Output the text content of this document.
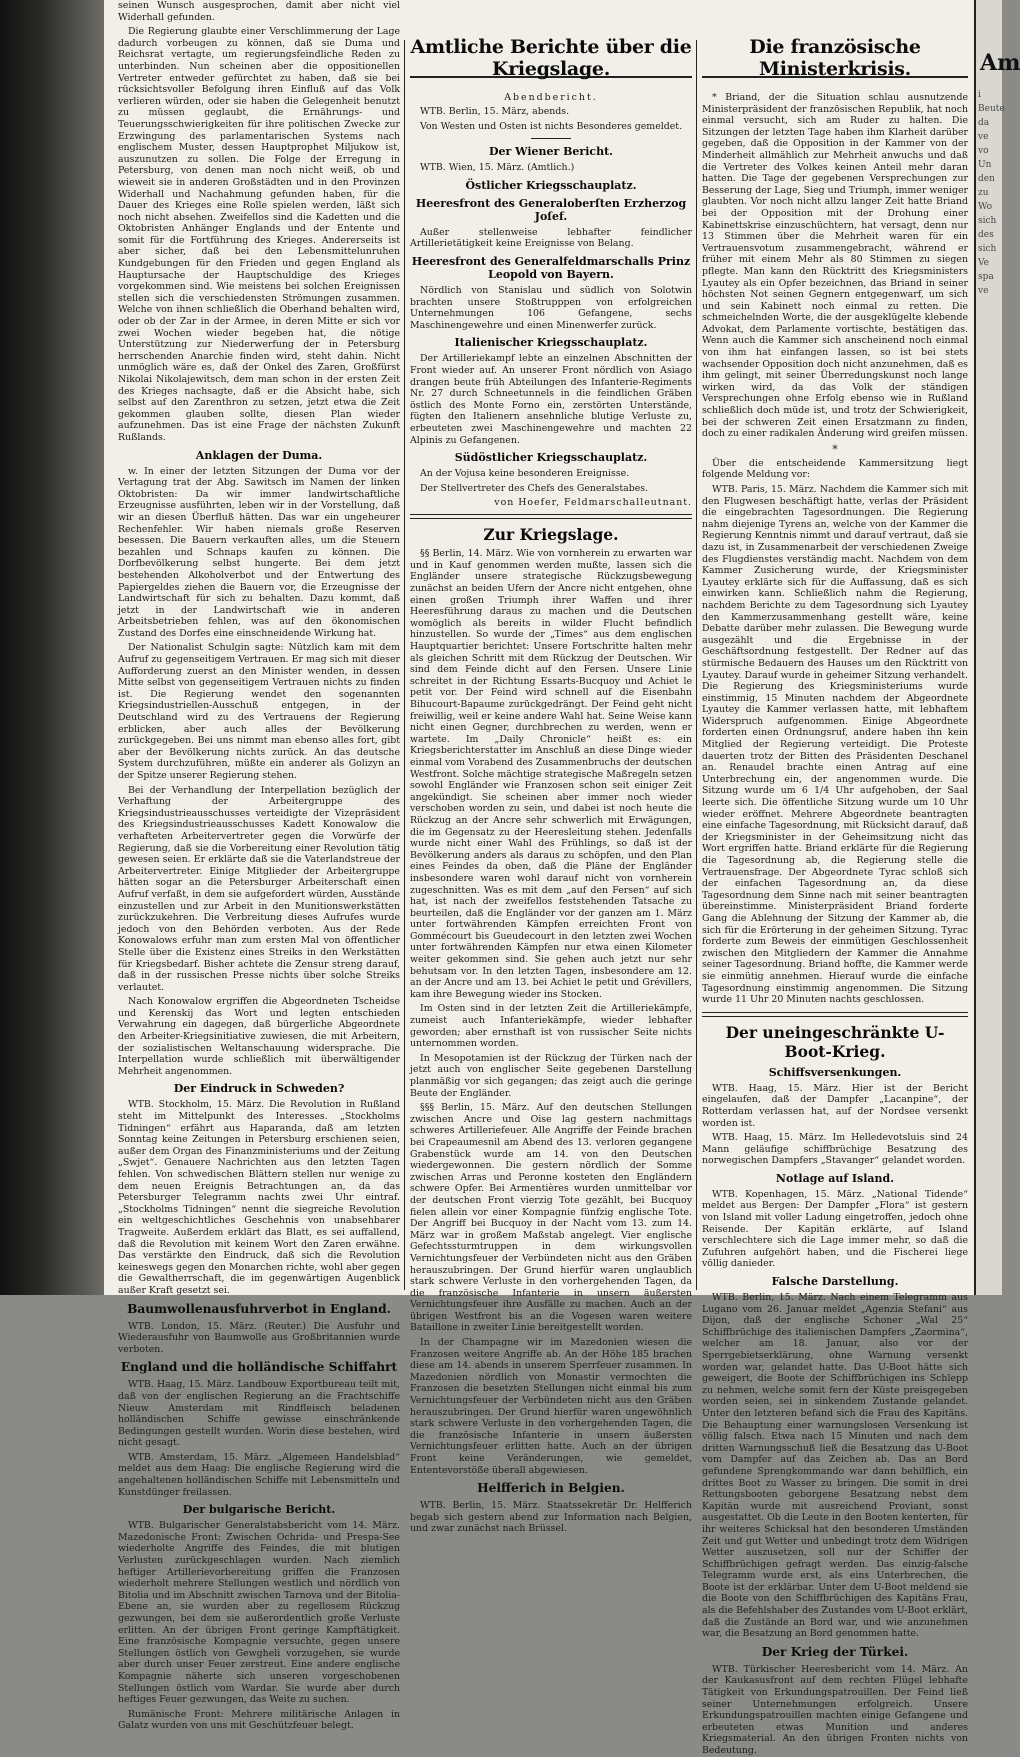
seinen Wunsch ausgesprochen, damit aber nicht viel Widerhall gefunden.

Die Regierung glaubte einer Verschlimmerung der Lage dadurch vorbeugen zu können, daß sie Duma und Reichsrat vertagte, um regierungsfeindliche Reden zu unterbinden. Nun scheinen aber die oppositionellen Vertreter entweder gefürchtet zu haben, daß sie bei rücksichtsvoller Befolgung ihren Einfluß auf das Volk verlieren würden, oder sie haben die Gelegenheit benutzt zu müssen geglaubt, die Ernährungs- und Teuerungsschwierigkeiten für ihre politischen Zwecke zur Erzwingung des parlamentarischen Systems nach englischem Muster, dessen Hauptprophet Miljukow ist, auszunutzen zu sollen. Die Folge der Erregung in Petersburg, von denen man noch nicht weiß, ob und wieweit sie in anderen Großstädten und in den Provinzen Widerhall und Nachahmung gefunden haben, für die Dauer des Krieges eine Rolle spielen werden, läßt sich noch nicht absehen. Zweifellos sind die Kadetten und die Oktobristen Anhänger Englands und der Entente und somit für die Fortführung des Krieges. Andererseits ist aber sicher, daß bei den Lebensmittelunruhen Kundgebungen für den Frieden und gegen England als Hauptursache der Hauptschuldige des Krieges vorgekommen sind. Wie meistens bei solchen Ereignissen stellen sich die verschiedensten Strömungen zusammen. Welche von ihnen schließlich die Oberhand behalten wird, oder ob der Zar in der Armee, in deren Mitte er sich vor zwei Wochen wieder begeben hat, die nötige Unterstützung zur Niederwerfung der in Petersburg herrschenden Anarchie finden wird, steht dahin. Nicht unmöglich wäre es, daß der Onkel des Zaren, Großfürst Nikolai Nikolajewitsch, dem man schon in der ersten Zeit des Krieges nachsagte, daß er die Absicht habe, sich selbst auf den Zarenthron zu setzen, jetzt etwa die Zeit gekommen glauben sollte, diesen Plan wieder aufzunehmen. Das ist eine Frage der nächsten Zukunft Rußlands.

Anklagen der Duma.

w. In einer der letzten Sitzungen der Duma vor der Vertagung trat der Abg. Sawitsch im Namen der linken Oktobristen: Da wir immer landwirtschaftliche Erzeugnisse ausführten, leben wir in der Vorstellung, daß wir an diesen Überfluß hätten. Das war ein ungeheurer Rechenfehler. Wir haben niemals große Reserven besessen. Die Bauern verkauften alles, um die Steuern bezahlen und Schnaps kaufen zu können. Die Dorfbevölkerung selbst hungerte. Bei dem jetzt bestehenden Alkoholverbot und der Entwertung des Papiergeldes ziehen die Bauern vor, die Erzeugnisse der Landwirtschaft für sich zu behalten. Dazu kommt, daß jetzt in der Landwirtschaft wie in anderen Arbeitsbetrieben fehlen, was auf den ökonomischen Zustand des Dorfes eine einschneidende Wirkung hat.

Der Nationalist Schulgin sagte: Nützlich kam mit dem Aufruf zu gegenseitigem Vertrauen. Er mag sich mit dieser Aufforderung zuerst an den Minister wenden, in dessen Mitte selbst von gegenseitigem Vertrauen nichts zu finden ist. Die Regierung wendet den sogenannten Kriegsindustriellen-Ausschuß entgegen, in der Deutschland wird zu des Vertrauens der Regierung erblicken, aber auch alles der Bevölkerung zurückgegeben. Bei uns nimmt man ebenso alles fort, gibt aber der Bevölkerung nichts zurück. An das deutsche System durchzuführen, müßte ein anderer als Golizyn an der Spitze unserer Regierung stehen.

Bei der Verhandlung der Interpellation bezüglich der Verhaftung der Arbeitergruppe des Kriegsindustrieausschusses verteidigte der Vizepräsident des Kriegsindustrieausschusses Kadett Konowalow die verhafteten Arbeitervertreter gegen die Vorwürfe der Regierung, daß sie die Vorbereitung einer Revolution tätig gewesen seien. Er erklärte daß sie die Vaterlandstreue der Arbeitervertreter. Einige Mitglieder der Arbeitergruppe hätten sogar an die Petersburger Arbeiterschaft einen Aufruf verfaßt, in dem sie aufgefordert würden, Ausstände einzustellen und zur Arbeit in den Munitionswerkstätten zurückzukehren. Die Verbreitung dieses Aufrufes wurde jedoch von den Behörden verboten. Aus der Rede Konowalows erfuhr man zum ersten Mal von öffentlicher Stelle über die Existenz eines Streiks in den Werkstätten für Kriegsbedarf. Bisher achtete die Zensur streng darauf, daß in der russischen Presse nichts über solche Streiks verlautet.

Nach Konowalow ergriffen die Abgeordneten Tscheidse und Kerenskij das Wort und legten entschieden Verwahrung ein dagegen, daß bürgerliche Abgeordnete den Arbeiter-Kriegsinitiative zuwiesen, die mit Arbeitern, der sozialistischen Weltanschauung widersprache. Die Interpellation wurde schließlich mit überwältigender Mehrheit angenommen.

Der Eindruck in Schweden?

WTB. Stockholm, 15. März. Die Revolution in Rußland steht im Mittelpunkt des Interesses. „Stockholms Tidningen“ erfährt aus Haparanda, daß am letzten Sonntag keine Zeitungen in Petersburg erschienen seien, außer dem Organ des Finanzministeriums und der Zeitung „Swjet“. Genauere Nachrichten aus den letzten Tagen fehlen. Von schwedischen Blättern stellen nur wenige zu dem neuen Ereignis Betrachtungen an, da das Petersburger Telegramm nachts zwei Uhr eintraf. „Stockholms Tidningen“ nennt die siegreiche Revolution ein weltgeschichtliches Geschehnis von unabsehbarer Tragweite. Außerdem erklärt das Blatt, es sei auffallend, daß die Revolution mit keinem Wort den Zaren erwähne. Das verstärkte den Eindruck, daß sich die Revolution keineswegs gegen den Monarchen richte, wohl aber gegen die Gewaltherrschaft, die im gegenwärtigen Augenblick außer Kraft gesetzt sei.

Baumwollenausfuhrverbot in England.

WTB. London, 15. März. (Reuter.) Die Ausfuhr und Wiederausfuhr von Baumwolle aus Großbritannien wurde verboten.

England und die holländische Schiffahrt

WTB. Haag, 15. März. Landbouw Exportbureau teilt mit, daß von der englischen Regierung an die Frachtschiffe Nieuw Amsterdam mit Rindfleisch beladenen holländischen Schiffe gewisse einschränkende Bedingungen gestellt wurden. Worin diese bestehen, wird nicht gesagt.

WTB. Amsterdam, 15. März. „Algemeen Handelsblad“ meldet aus dem Haag: Die englische Regierung wird die angehaltenen holländischen Schiffe mit Lebensmitteln und Kunstdünger freilassen.

Der bulgarische Bericht.

WTB. Bulgarischer Generalstabsbericht vom 14. März. Mazedonische Front: Zwischen Ochrida- und Prespa-See wiederholte Angriffe des Feindes, die mit blutigen Verlusten zurückgeschlagen wurden. Nach ziemlich heftiger Artillerievorbereitung griffen die Franzosen wiederholt mehrere Stellungen westlich und nördlich von Bitolia und im Abschnitt zwischen Tarnova und der Bitolia-Ebene an, sie wurden aber zu regellosem Rückzug gezwungen, bei dem sie außerordentlich große Verluste erlitten. An der übrigen Front geringe Kampftätigkeit. Eine französische Kompagnie versuchte, gegen unsere Stellungen östlich von Gewgheli vorzugehen, sie wurde aber durch unser Feuer zerstreut. Eine andere englische Kompagnie näherte sich unseren vorgeschobenen Stellungen östlich vom Wardar. Sie wurde aber durch heftiges Feuer gezwungen, das Weite zu suchen.

Rumänische Front: Mehrere militärische Anlagen in Galatz wurden von uns mit Geschützfeuer belegt.

Amtliche Berichte über die Kriegslage.
Abendbericht.

WTB. Berlin, 15. März, abends.

Von Westen und Osten ist nichts Besonderes gemeldet.

Der Wiener Bericht.

WTB. Wien, 15. März. (Amtlich.)

Östlicher Kriegsschauplatz.
Heeresfront des Generaloberſten Erzherzog Joſef.

Außer stellenweise lebhafter feindlicher Artillerietätigkeit keine Ereignisse von Belang.

Heeresfront des Generalfeldmarschalls Prinz Leopold von Bayern.

Nördlich von Stanislau und südlich von Solotwin brachten unsere Stoßtrupppen von erfolgreichen Unternehmungen 106 Gefangene, sechs Maschinengewehre und einen Minenwerfer zurück.

Italienischer Kriegsschauplatz.

Der Artilleriekampf lebte an einzelnen Abschnitten der Front wieder auf. An unserer Front nördlich von Asiago drangen beute früh Abteilungen des Infanterie-Regiments Nr. 27 durch Schneetunnels in die feindlichen Gräben östlich des Monte Forno ein, zerstörten Unterstände, fügten den Italienern ansehnliche blutige Verluste zu, erbeuteten zwei Maschinengewehre und machten 22 Alpinis zu Gefangenen.

Südöstlicher Kriegsschauplatz.

An der Vojusa keine besonderen Ereignisse.

Der Stellvertreter des Chefs des Generalstabes.

von Hoefer, Feldmarschalleutnant.
Zur Kriegslage.

§§ Berlin, 14. März. Wie von vornherein zu erwarten war und in Kauf genommen werden mußte, lassen sich die Engländer unsere strategische Rückzugsbewegung zunächst an beiden Ufern der Ancre nicht entgehen, ohne einen großen Triumph ihrer Waffen und ihrer Heeresführung daraus zu machen und die Deutschen womöglich als bereits in wilder Flucht befindlich hinzustellen. So wurde der „Times“ aus dem englischen Hauptquartier berichtet: Unsere Fortschritte halten mehr als gleichen Schritt mit dem Rückzug der Deutschen. Wir sind dem Feinde dicht auf den Fersen. Unsere Linie schreitet in der Richtung Essarts-Bucquoy und Achiet le petit vor. Der Feind wird schnell auf die Eisenbahn Bihucourt-Bapaume zurückgedrängt. Der Feind geht nicht freiwillig, weil er keine andere Wahl hat. Seine Weise kann nicht einen Gegner, durchbrechen zu werden, wenn er wartete. Im „Daily Chronicle“ heißt es: ein Kriegsberichterstatter im Anschluß an diese Dinge wieder einmal vom Vorabend des Zusammenbruchs der deutschen Westfront. Solche mächtige strategische Maßregeln setzen sowohl Engländer wie Franzosen schon seit einiger Zeit angekündigt. Sie scheinen aber immer noch wieder verschoben worden zu sein, und dabei ist noch heute die Rückzug an der Ancre sehr schwerlich mit Erwägungen, die im Gegensatz zu der Heeresleitung stehen. Jedenfalls wurde nicht einer Wahl des Frühlings, so daß ist der Bevölkerung anders als daraus zu schöpfen, und den Plan eines Feindes da oben, daß die Pläne der Engländer insbesondere waren wohl darauf nicht von vornherein zugeschnitten. Was es mit dem „auf den Fersen“ auf sich hat, ist nach der zweifellos feststehenden Tatsache zu beurteilen, daß die Engländer vor der ganzen am 1. März unter fortwährenden Kämpfen erreichten Front von Gommécourt bis Gueudecourt in den letzten zwei Wochen unter fortwährenden Kämpfen nur etwa einen Kilometer weiter gekommen sind. Sie gehen auch jetzt nur sehr behutsam vor. In den letzten Tagen, insbesondere am 12. an der Ancre und am 13. bei Achiet le petit und Grévillers, kam ihre Bewegung wieder ins Stocken.

Im Osten sind in der letzten Zeit die Artilleriekämpfe, zumeist auch Infanteriekämpfe, wieder lebhafter geworden; aber ernsthaft ist von russischer Seite nichts unternommen worden.

In Mesopotamien ist der Rückzug der Türken nach der jetzt auch von englischer Seite gegebenen Darstellung planmäßig vor sich gegangen; das zeigt auch die geringe Beute der Engländer.

§§§ Berlin, 15. März. Auf den deutschen Stellungen zwischen Ancre und Oise lag gestern nachmittags schweres Artilleriefeuer. Alle Angriffe der Feinde brachen bei Crapeaumesnil am Abend des 13. verloren gegangene Grabenstück wurde am 14. von den Deutschen wiedergewonnen. Die gestern nördlich der Somme zwischen Arras und Peronne kosteten den Engländern schwere Opfer. Bei Armentières wurden unmittelbar vor der deutschen Front vierzig Tote gezählt, bei Bucquoy fielen allein vor einer Kompagnie fünfzig englische Tote. Der Angriff bei Bucquoy in der Nacht vom 13. zum 14. März war in großem Maßstab angelegt. Vier englische Gefechtssturmtruppen in dem wirkungsvollen Vernichtungsfeuer der Verbündeten nicht aus den Gräben herauszubringen. Der Grund hierfür waren unglaublich stark schwere Verluste in den vorhergehenden Tagen, da die französische Infanterie in unsern äußersten Vernichtungsfeuer ihre Ausfälle zu machen. Auch an der übrigen Westfront bis an die Vogesen waren weitere Bataillone in zweiter Linie bereitgestellt worden.

In der Champagne wir im Mazedonien wiesen die Franzosen weitere Angriffe ab. An der Höhe 185 brachen diese am 14. abends in unserem Sperrfeuer zusammen. In Mazedonien nördlich von Monastir vermochten die Franzosen die besetzten Stellungen nicht einmal bis zum Vernichtungsfeuer der Verbündeten nicht aus den Gräben herauszubringen. Der Grund hierfür waren ungewöhnlich stark schwere Verluste in den vorhergehenden Tagen, die die französische Infanterie in unsern äußersten Vernichtungsfeuer erlitten hatte. Auch an der übrigen Front keine Veränderungen, wie gemeldet, Ententevorstöße überall abgewiesen.

Helfferich in Belgien.

WTB. Berlin, 15. März. Staatssekretär Dr. Helfferich begab sich gestern abend zur Information nach Belgien, und zwar zunächst nach Brüssel.

Die französische Ministerkrisis.

* Briand, der die Situation schlau ausnutzende Ministerpräsident der französischen Republik, hat noch einmal versucht, sich am Ruder zu halten. Die Sitzungen der letzten Tage haben ihm Klarheit darüber gegeben, daß die Opposition in der Kammer von der Minderheit allmählich zur Mehrheit anwuchs und daß die Vertreter des Volkes keinen Anteil mehr daran hatten. Die Tage der gegebenen Versprechungen zur Besserung der Lage, Sieg und Triumph, immer weniger glaubten. Vor noch nicht allzu langer Zeit hatte Briand bei der Opposition mit der Drohung einer Kabinettskrise einzuschüchtern, hat versagt, denn nur 13 Stimmen über die Mehrheit waren für ein Vertrauensvotum zusammengebracht, während er früher mit einem Mehr als 80 Stimmen zu siegen pflegte. Man kann den Rücktritt des Kriegsministers Lyautey als ein Opfer bezeichnen, das Briand in seiner höchsten Not seinen Gegnern entgegenwarf, um sich und sein Kabinett noch einmal zu retten. Die schmeichelnden Worte, die der ausgeklügelte klebende Advokat, dem Parlamente vortischte, bestätigen das. Wenn auch die Kammer sich anscheinend noch einmal von ihm hat einfangen lassen, so ist bei stets wachsender Opposition doch nicht anzunehmen, daß es ihm gelingt, mit seiner Überredungskunst noch lange wirken wird, da das Volk der ständigen Versprechungen ohne Erfolg ebenso wie in Rußland schließlich doch müde ist, und trotz der Schwierigkeit, bei der schweren Zeit einen Ersatzmann zu finden, doch zu einer radikalen Änderung wird greifen müssen.

*

Über die entscheidende Kammersitzung liegt folgende Meldung vor:

WTB. Paris, 15. März. Nachdem die Kammer sich mit den Flugwesen beschäftigt hatte, verlas der Präsident die eingebrachten Tagesordnungen. Die Regierung nahm diejenige Tyrens an, welche von der Kammer die Regierung Kenntnis nimmt und darauf vertraut, daß sie dazu ist, in Zusammenarbeit der verschiedenen Zweige des Flugdienstes verständig macht. Nachdem von dem Kammer Zusicherung wurde, der Kriegsminister Lyautey erklärte sich für die Auffassung, daß es sich einwirken kann. Schließlich nahm die Regierung, nachdem Berichte zu dem Tagesordnung sich Lyautey den Kammerzusammenhang gestellt wäre, keine Debatte darüber mehr zulassen. Die Bewegung wurde ausgezählt und die Ergebnisse in der Geschäftsordnung festgestellt. Der Redner auf das stürmische Bedauern des Hauses um den Rücktritt von Lyautey. Darauf wurde in geheimer Sitzung verhandelt. Die Regierung des Kriegsministeriums wurde einstimmig, 15 Minuten nachdem der Abgeordnete Lyautey die Kammer verlassen hatte, mit lebhaftem Widerspruch aufgenommen. Einige Abgeordnete forderten einen Ordnungsruf, andere haben ihn kein Mitglied der Regierung verteidigt. Die Proteste dauerten trotz der Bitten des Präsidenten Deschanel an. Renaudel brachte einen Antrag auf eine Unterbrechung ein, der angenommen wurde. Die Sitzung wurde um 6 1/4 Uhr aufgehoben, der Saal leerte sich. Die öffentliche Sitzung wurde um 10 Uhr wieder eröffnet. Mehrere Abgeordnete beantragten eine einfache Tagesordnung, mit Rücksicht darauf, daß der Kriegsminister in der Geheimsitzung nicht das Wort ergriffen hatte. Briand erklärte für die Regierung die Tagesordnung ab, die Regierung stelle die Vertrauensfrage. Der Abgeordnete Tyrac schloß sich der einfachen Tagesordnung an, da diese Tagesordnung dem Sinne nach mit seiner beantragten übereinstimme. Ministerpräsident Briand forderte Gang die Ablehnung der Sitzung der Kammer ab, die sich für die Erörterung in der geheimen Sitzung. Tyrac forderte zum Beweis der einmütigen Geschlossenheit zwischen den Mitgliedern der Kammer die Annahme seiner Tagesordnung. Briand hoffte, die Kammer werde sie einmütig annehmen. Hierauf wurde die einfache Tagesordnung einstimmig angenommen. Die Sitzung wurde 11 Uhr 20 Minuten nachts geschlossen.

Der uneingeschränkte U-Boot-Krieg.
Schiffsversenkungen.

WTB. Haag, 15. März. Hier ist der Bericht eingelaufen, daß der Dampfer „Lacanpine“, der Rotterdam verlassen hat, auf der Nordsee versenkt worden ist.

WTB. Haag, 15. März. Im Helledevotsluis sind 24 Mann geläufige schiffbrüchige Besatzung des norwegischen Dampfers „Stavanger“ gelandet worden.

Notlage auf Island.

WTB. Kopenhagen, 15. März. „National Tidende“ meldet aus Bergen: Der Dampfer „Flora“ ist gestern von Island mit voller Ladung eingetroffen, jedoch ohne Reisende. Der Kapitän erklärte, auf Island verschlechtere sich die Lage immer mehr, so daß die Zufuhren aufgehört haben, und die Fischerei liege völlig danieder.

Falsche Darstellung.

WTB. Berlin, 15. März. Nach einem Telegramm aus Lugano vom 26. Januar meldet „Agenzia Stefani“ aus Dijon, daß der englische Schoner „Wal 25“ Schiffbrüchige des italienischen Dampfers „Zaormina“, welcher am 18. Januar, also vor der Sperrgebietserklärung, ohne Warnung versenkt worden war, gelandet hatte. Das U-Boot hätte sich geweigert, die Boote der Schiffbrüchigen ins Schlepp zu nehmen, welche somit fern der Küste preisgegeben worden seien, sei in sinkendem Zustande gelandet. Unter den letzteren befand sich die Frau des Kapitäns. Die Behauptung einer warnungslosen Versenkung ist völlig falsch. Etwa nach 15 Minuten und nach dem dritten Warnungsschuß ließ die Besatzung das U-Boot vom Dampfer auf das Zeichen ab. Das an Bord gefundene Sprengkommando war dann behilflich, ein drittes Boot zu Wasser zu bringen. Die somit in drei Rettungsbooten geborgene Besatzung nebst dem Kapitän wurde mit ausreichend Proviant, sonst ausgestattet. Ob die Leute in den Booten kenterten, für ihr weiteres Schicksal hat den besonderen Umständen Zeit und gut Wetter und unbedingt trotz dem Widrigen Wetter auszusetzen, soll nur der Schiffer der Schiffbrüchigen gefragt werden. Das einzig-falsche Telegramm wurde erst, als eins Unterbrechen, die Boote ist der erklärbar. Unter dem U-Boot meldend sie die Boote von den Schiffbrüchigen des Kapitäns Frau, als die Befehlshaber des Zustandes vom U-Boot erklärt, daß die Zustände an Bord war, und wie anzunehmen war, die Besatzung an Bord genommen hatte.

Der Krieg der Türkei.

WTB. Türkischer Heeresbericht vom 14. März. An der Kaukasusfront auf dem rechten Flügel lebhafte Tätigkeit von Erkundungspatrouillen. Der Feind ließ seiner Unternehmungen erfolgreich. Unsere Erkundungspatrouillen machten einige Gefangene und erbeuteten etwas Munition und anderes Kriegsmaterial. An den übrigen Fronten nichts von Bedeutung.

Am
i
Beute
da
ve
vo
Un
den
zu
Wo
sich
des
sich
Ve
spa
ve
